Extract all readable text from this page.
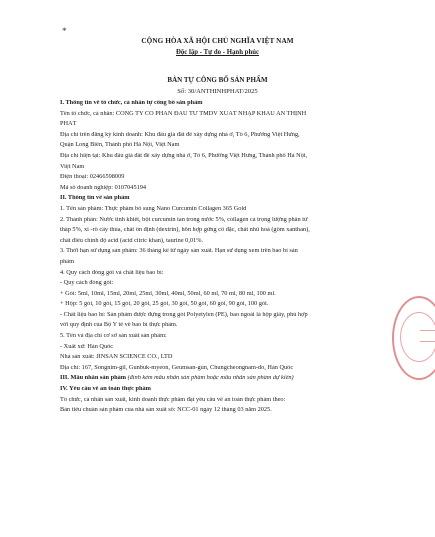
*
CỘNG HÒA XÃ HỘI CHỦ NGHĨA VIỆT NAM
Độc lập - Tự do - Hạnh phúc
BẢN TỰ CÔNG BỐ SẢN PHẨM
Số: 30/ANTHINHPHAT/2025
I. Thông tin về tổ chức, cá nhân tự công bố sản phẩm
Tên tổ chức, cá nhân: CÔNG TY CỔ PHẦN ĐẦU TƯ TMDV XUẤT NHẬP KHẨU AN THỊNH
PHÁT
Địa chỉ trên đăng ký kinh doanh: Khu đấu giá đất để xây dựng nhà ở, Tổ 6, Phường Việt Hưng,
Quận Long Biên, Thành phố Hà Nội, Việt Nam
Địa chỉ hiện tại: Khu đấu giá đất để xây dựng nhà ở, Tổ 6, Phường Việt Hưng, Thành phố Hà Nội,
Việt Nam
Điện thoại: 02466598009
Mã số doanh nghiệp: 0107045194
II. Thông tin về sản phẩm
1. Tên sản phẩm: Thực phẩm bổ sung Nano Curcumin Collagen 365 Gold
2. Thành phần: Nước tinh khiết, bột curcumin tan trong nước 5%, collagen cá trọng lượng phân tử
thấp 5%, xi -rô cây thùa, chất ổn định (dextrin), hỗn hợp gừng cô đặc, chất nhũ hoá (gôm xanthan),
chất điều chỉnh độ acid (acid citric khan), taurine 0,01%.
3. Thời hạn sử dụng sản phẩm: 36 tháng kể từ ngày sản xuất. Hạn sử dụng xem trên bao bì sản
phẩm
4. Quy cách đóng gói và chất liệu bao bì:
- Quy cách đóng gói:
+ Gói: 5ml, 10ml, 15ml, 20ml, 25ml, 30ml, 40ml, 50ml, 60 ml, 70 ml, 80 ml, 100 ml.
+ Hộp: 5 gói, 10 gói, 15 gói, 20 gói, 25 gói, 30 gói, 50 gói, 60 gói, 90 gói, 100 gói.
- Chất liệu bao bì: Sản phẩm được đựng trong gói Polyetylen (PE), bao ngoài là hộp giấy, phù hợp
với quy định của Bộ Y tế về bao bì thực phẩm.
5. Tên và địa chỉ cơ sở sản xuất sản phẩm:
- Xuất xứ: Hàn Quốc
Nhà sản xuất: JINSAN SCIENCE CO., LTD
Địa chỉ: 167, Songnim-gil, Gunbuk-myeon, Geumsan-gun, Chungcheongnam-do, Hàn Quốc
III. Mẫu nhãn sản phẩm (đính kèm mẫu nhãn sản phẩm hoặc mẫu nhãn sản phẩm dự kiến)
IV. Yêu cầu về an toàn thực phẩm
Tổ chức, cá nhân sản xuất, kinh doanh thực phẩm đạt yêu cầu về an toàn thực phẩm theo:
Bản tiêu chuẩn sản phẩm của nhà sản xuất số: NCC-01 ngày 12 tháng 03 năm 2025.
